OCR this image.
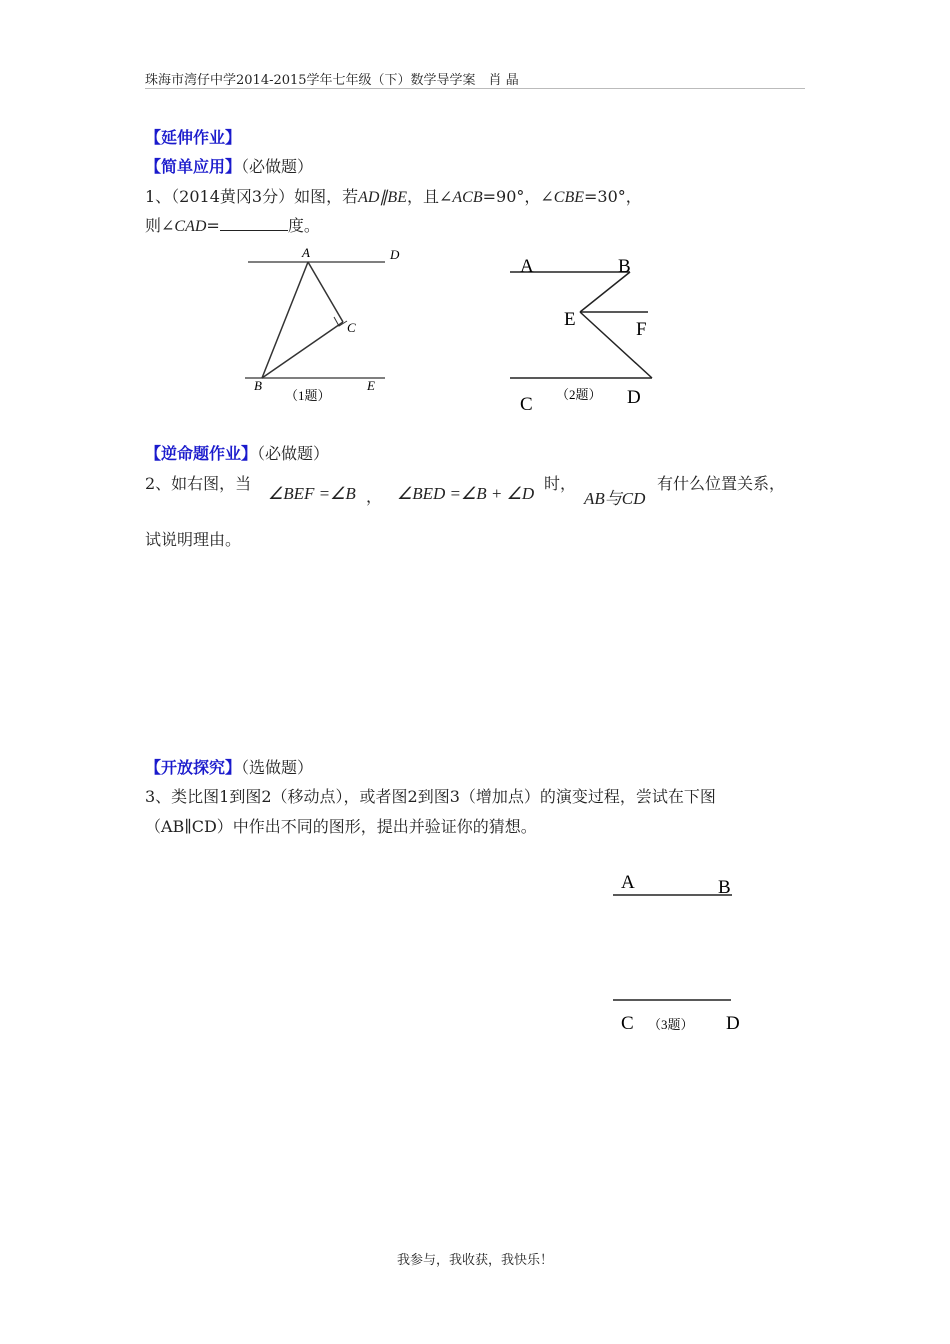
珠海市湾仔中学2014-2015学年七年级（下）数学导学案　肖 晶
【延伸作业】
【简单应用】（必做题）
1、（2014黄冈3分）如图，若AD∥BE，且∠ACB=90°，∠CBE=30°，
则∠CAD=	度。
A	D
C
B	E
（1题）
A	B
E	F
C	D
（2题）
【逆命题作业】（必做题）
2、如右图，当
∠BEF =∠B ， ∠BED =∠B + ∠D
时，
AB与CD
有什么位置关系，
试说明理由。
【开放探究】（选做题）
3、类比图1到图2（移动点），或者图2到图3（增加点）的演变过程，尝试在下图
（AB∥CD）中作出不同的图形，提出并验证你的猜想。
A	B
C	D
（3题）
我参与，我收获，我快乐！
